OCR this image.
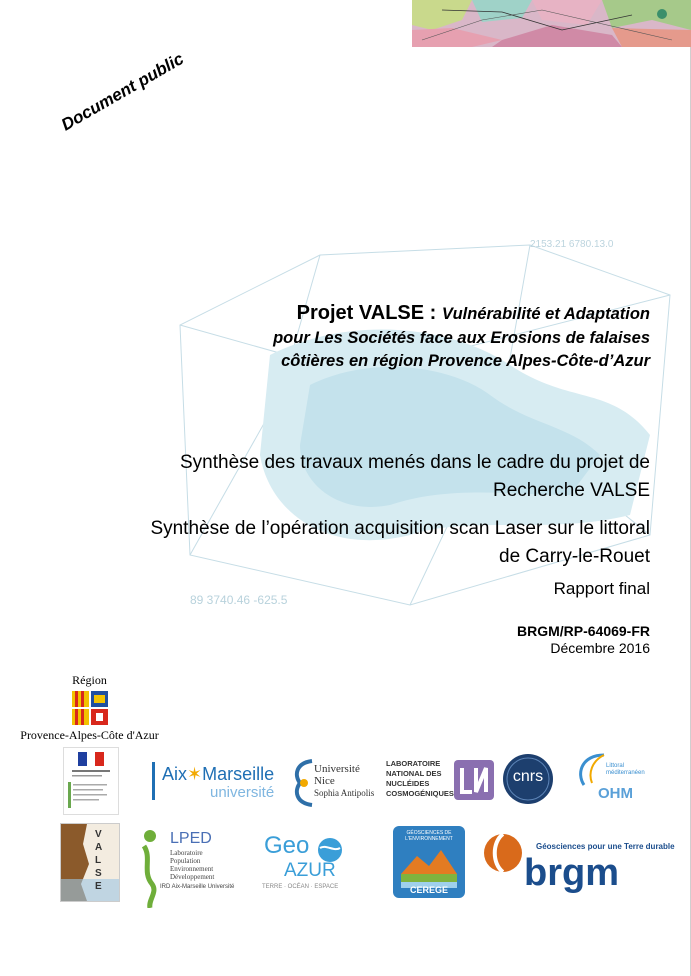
Document public
2153.21 6780.13.0
89 3740.46 -625.5
Projet VALSE : Vulnérabilité et Adaptation
pour Les Sociétés face aux Erosions de falaises
côtières en région Provence Alpes-Côte-d’Azur
Synthèse des travaux menés dans le cadre du projet de
Recherche VALSE
Synthèse de l’opération acquisition scan Laser sur le littoral
de Carry-le-Rouet
Rapport final
BRGM/RP-64069-FR
Décembre 2016
Région
Provence-Alpes-Côte d'Azur
Aix✶Marseille
université
Université
Nice
Sophia Antipolis
LABORATOIRE
NATIONAL DES
NUCLÉIDES
COSMOGÉNIQUES
cnrs
Littoral méditerranéen
OHM
VALSE
LPED
Laboratoire
Population
Environnement
Développement
IRD Aix-Marseille Université
Geo
AZUR
TERRE · OCÉAN · ESPACE
GÉOSCIENCES DE L'ENVIRONNEMENT
CEREGE
Géosciences pour une Terre durable
brgm
